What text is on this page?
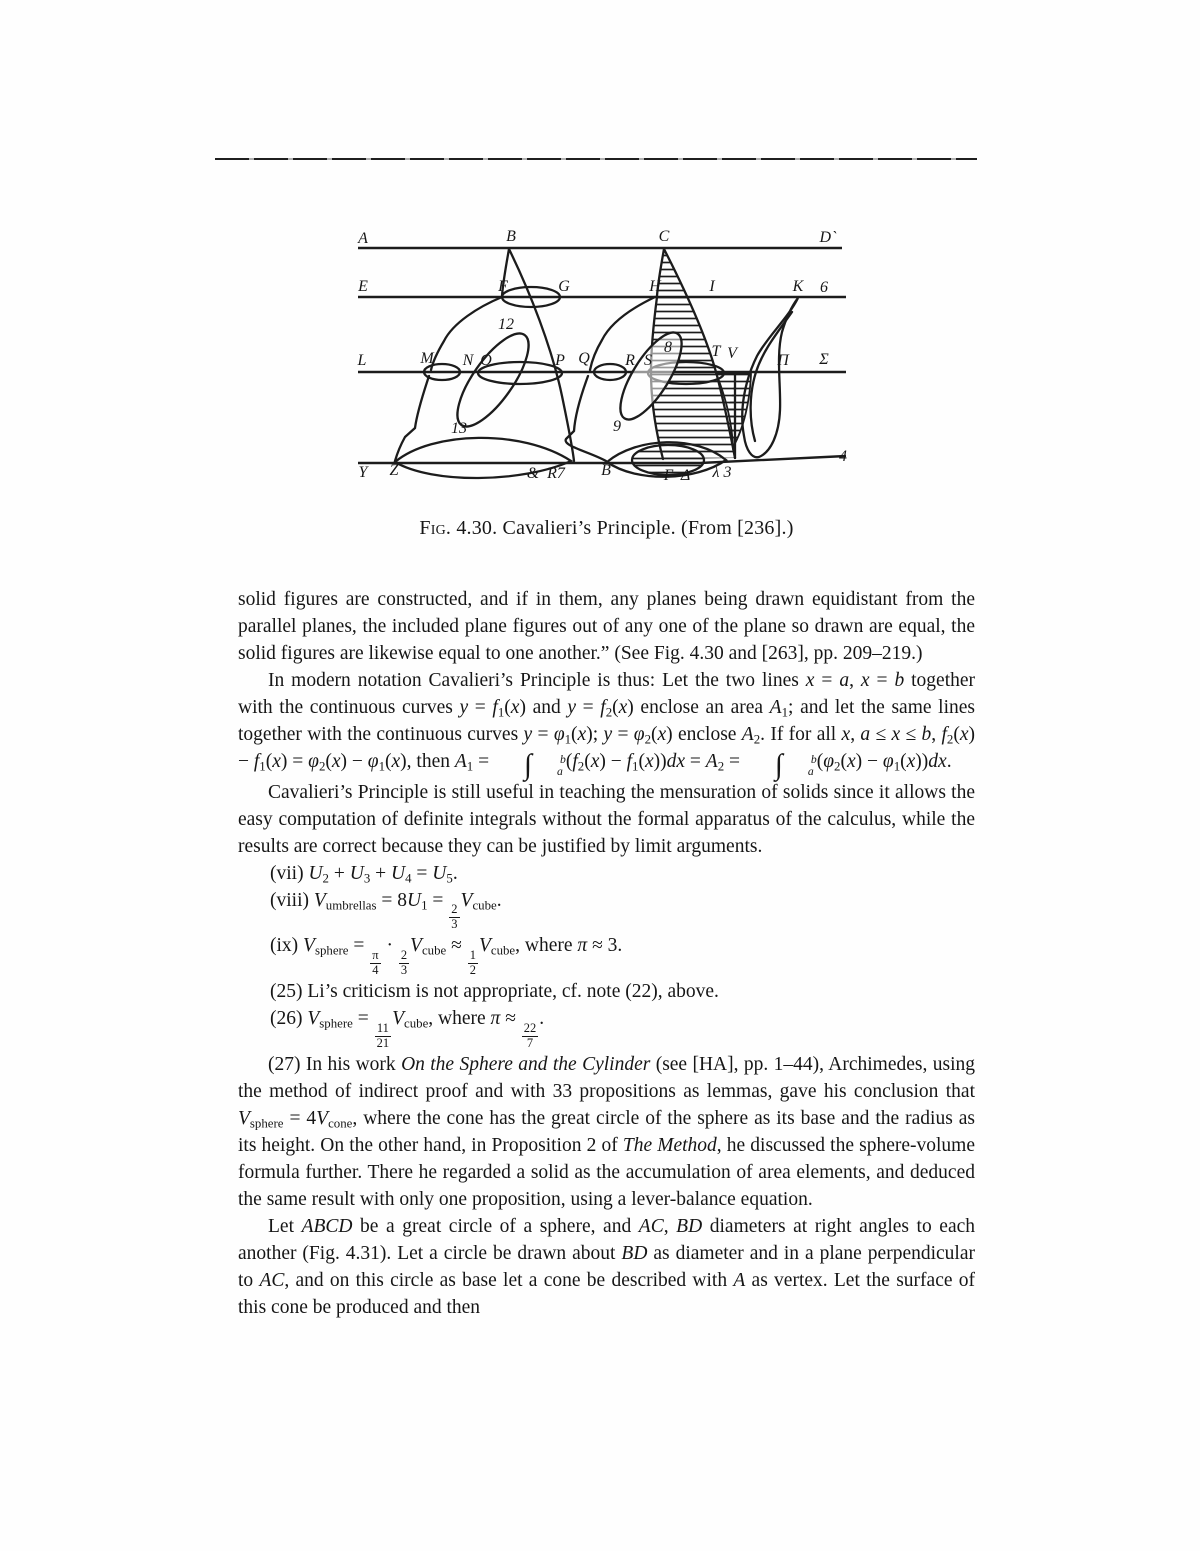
A	B	C	D`
E	F	G	H	I	K 6
L	M N O	P Q R S
T V	Π Σ
Y Z	& R7 B	Γ–Δ λ 3
4
12
13
8
9
Fig. 4.30. Cavalieri’s Principle. (From [236].)

solid figures are constructed, and if in them, any planes being drawn equidistant from the parallel planes, the included plane figures out of any one of the plane so drawn are equal, the solid figures are likewise equal to one another.” (See Fig. 4.30 and [263], pp. 209–219.)

In modern notation Cavalieri’s Principle is thus: Let the two lines x = a, x = b together with the continuous curves $y = f_1(x)$ and $y = f_2(x)$ enclose an area $A_1$; and let the same lines together with the continuous curves $y = \varphi_1(x)$; $y = \varphi_2(x)$ enclose $A_2$. If for all x, a ≤ x ≤ b, $f_2(x) - f_1(x) = \varphi_2(x) - \varphi_1(x)$, then $A_1$ =	∫	b
a $(f_2(x) - f_1(x))dx = A_2$ =	∫	b
a $(\varphi_2(x) - \varphi_1(x))dx$.

Cavalieri’s Principle is still useful in teaching the mensuration of solids since it allows the easy computation of definite integrals without the formal apparatus of the calculus, while the results are correct because they can be justified by limit arguments.

(vii) $U_2 + U_3 + U_4 = U_5$.

(viii) $V_{umbrellas} = 8U_1$ =
$\frac{2}{3}$
$V_{cube}$.

(ix) $V_{sphere}$ =
$\frac{\pi}{4}$
·
$\frac{2}{3}$
$V_{cube}$ ≈
$\frac{1}{2}$
$V_{cube}$, where π ≈ 3.

(25) Li’s criticism is not appropriate, cf. note (22), above.

(26) $V_{sphere}$ =
$\frac{11}{21}$
$V_{cube}$, where π ≈
$\frac{22}{7}$
.

(27) In his work On the Sphere and the Cylinder (see [HA], pp. 1–44), Archimedes, using the method of indirect proof and with 33 propositions as lemmas, gave his conclusion that $V_{sphere} = 4V_{cone}$, where the cone has the great circle of the sphere as its base and the radius as its height. On the other hand, in Proposition 2 of The Method, he discussed the sphere-volume formula further. There he regarded a solid as the accumulation of area elements, and deduced the same result with only one proposition, using a lever-balance equation.

Let ABCD be a great circle of a sphere, and AC, BD diameters at right angles to each another (Fig. 4.31). Let a circle be drawn about BD as diameter and in a plane perpendicular to AC, and on this circle as base let a cone be described with A as vertex. Let the surface of this cone be produced and then
